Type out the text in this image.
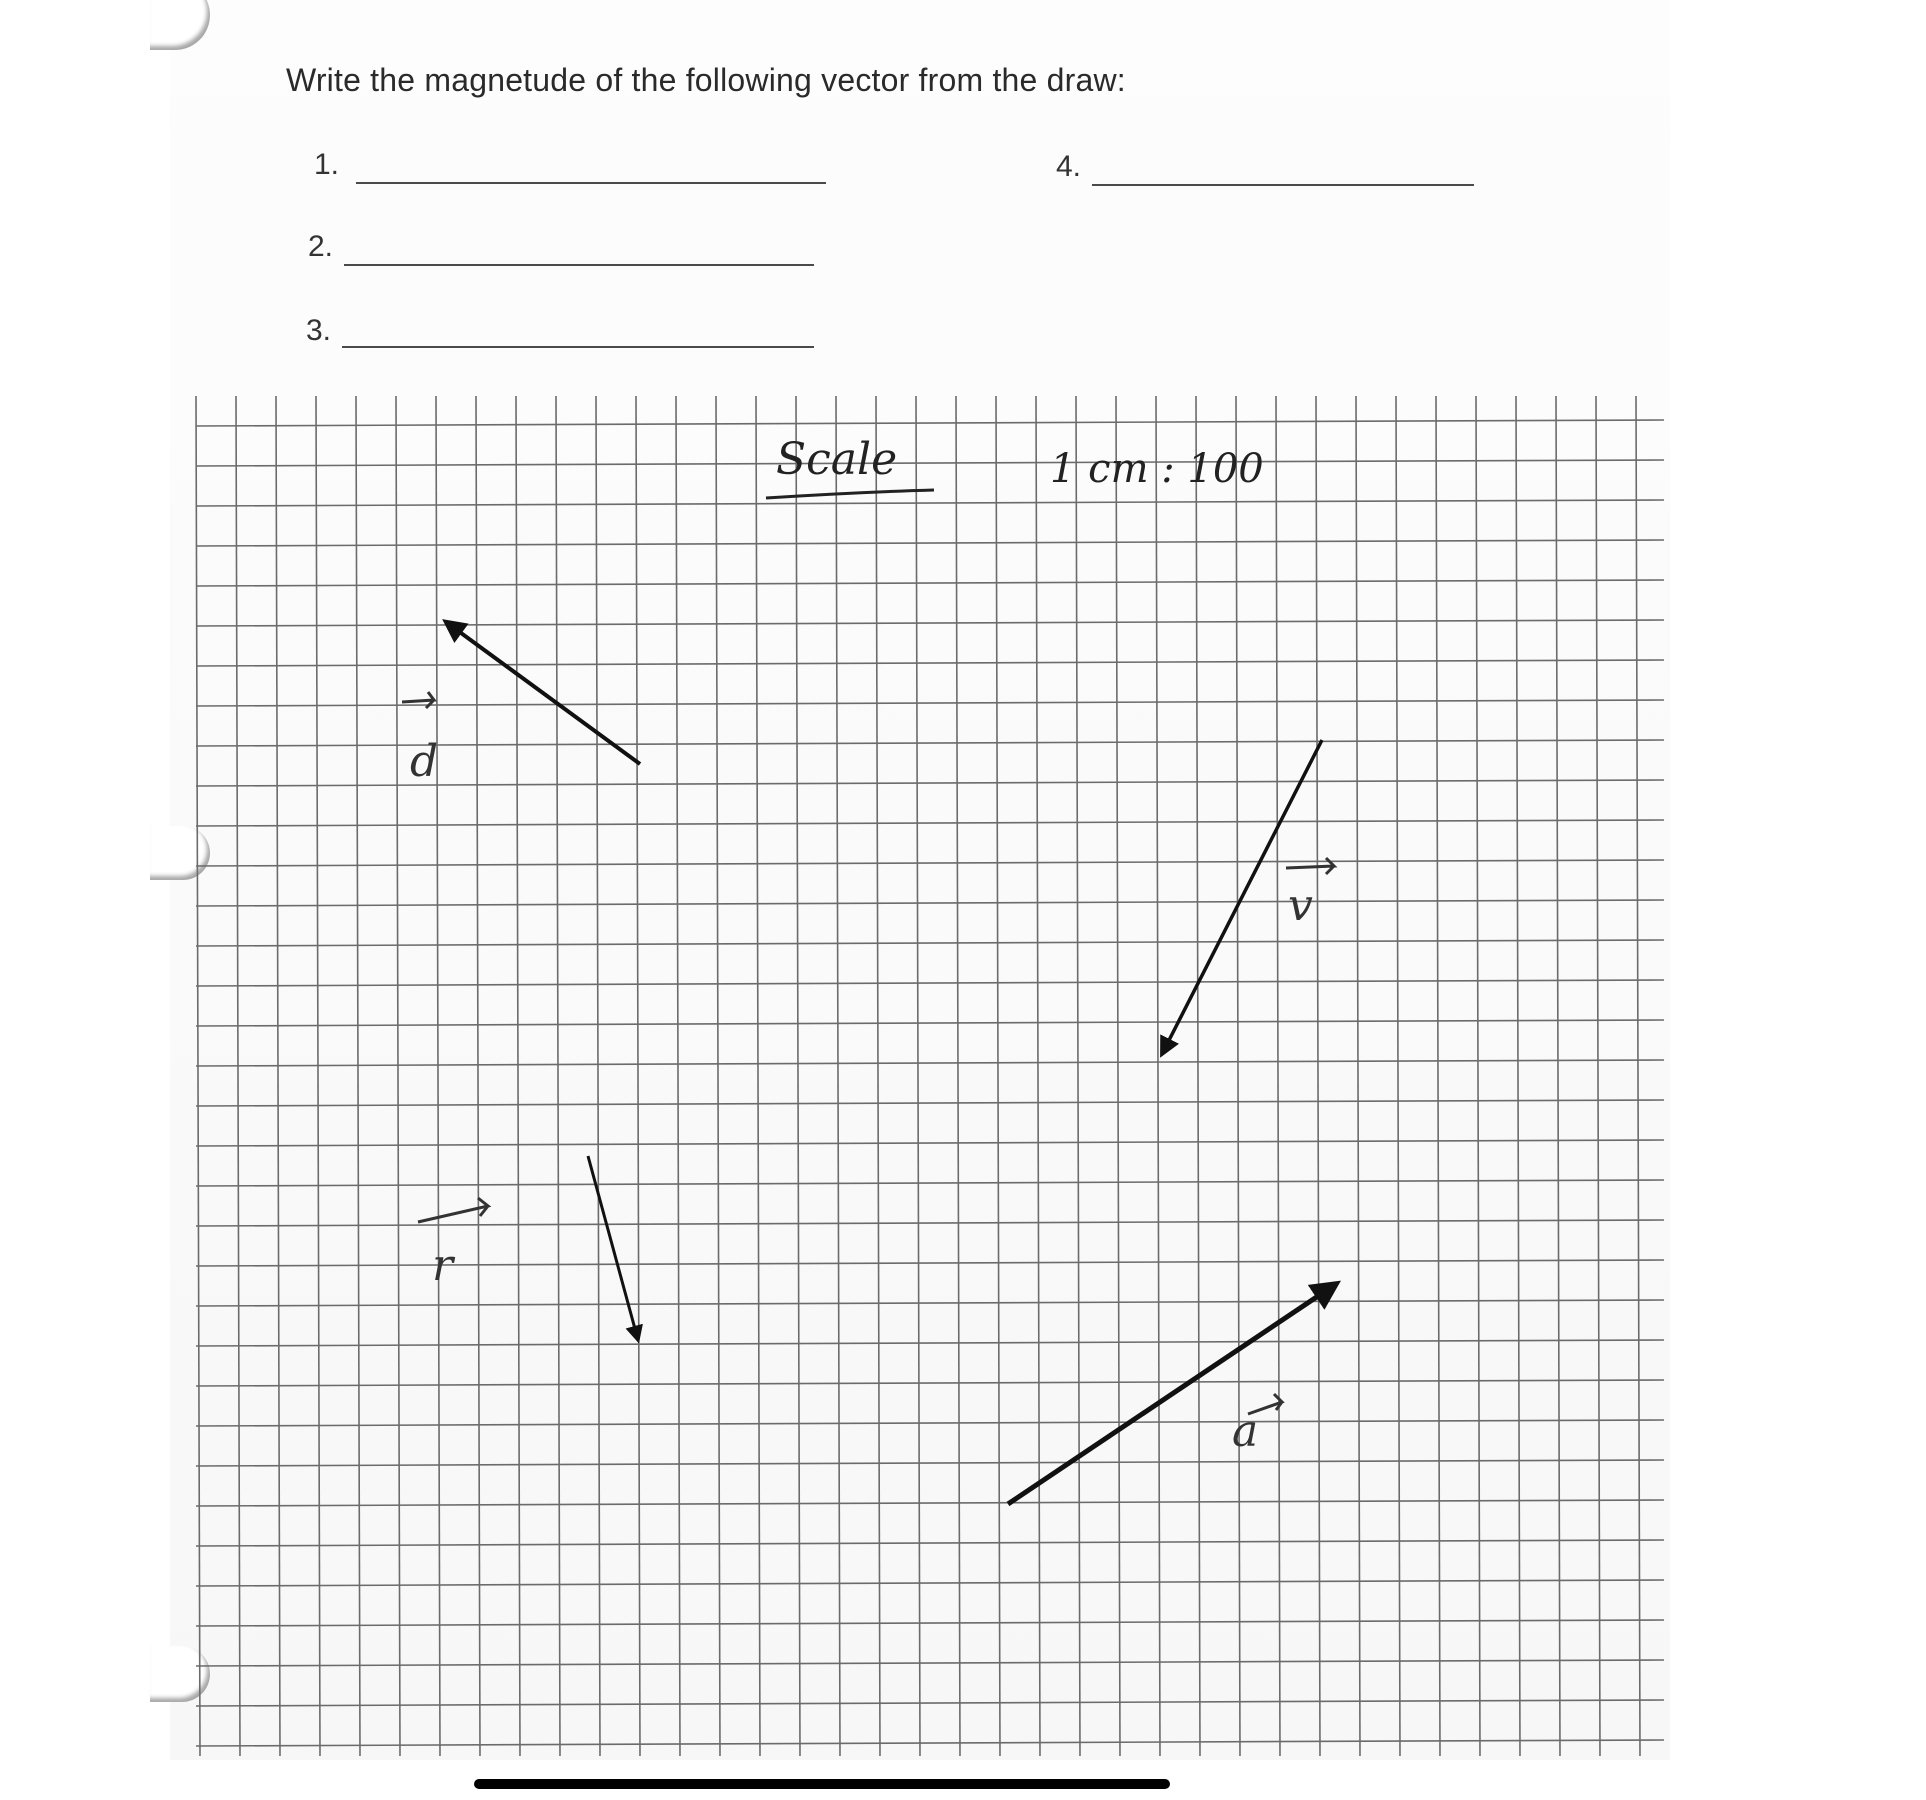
Write the magnetude of the following vector from the draw:
1.	4.
2.
3.
Scale	1 cm : 100
d
v
r
a
